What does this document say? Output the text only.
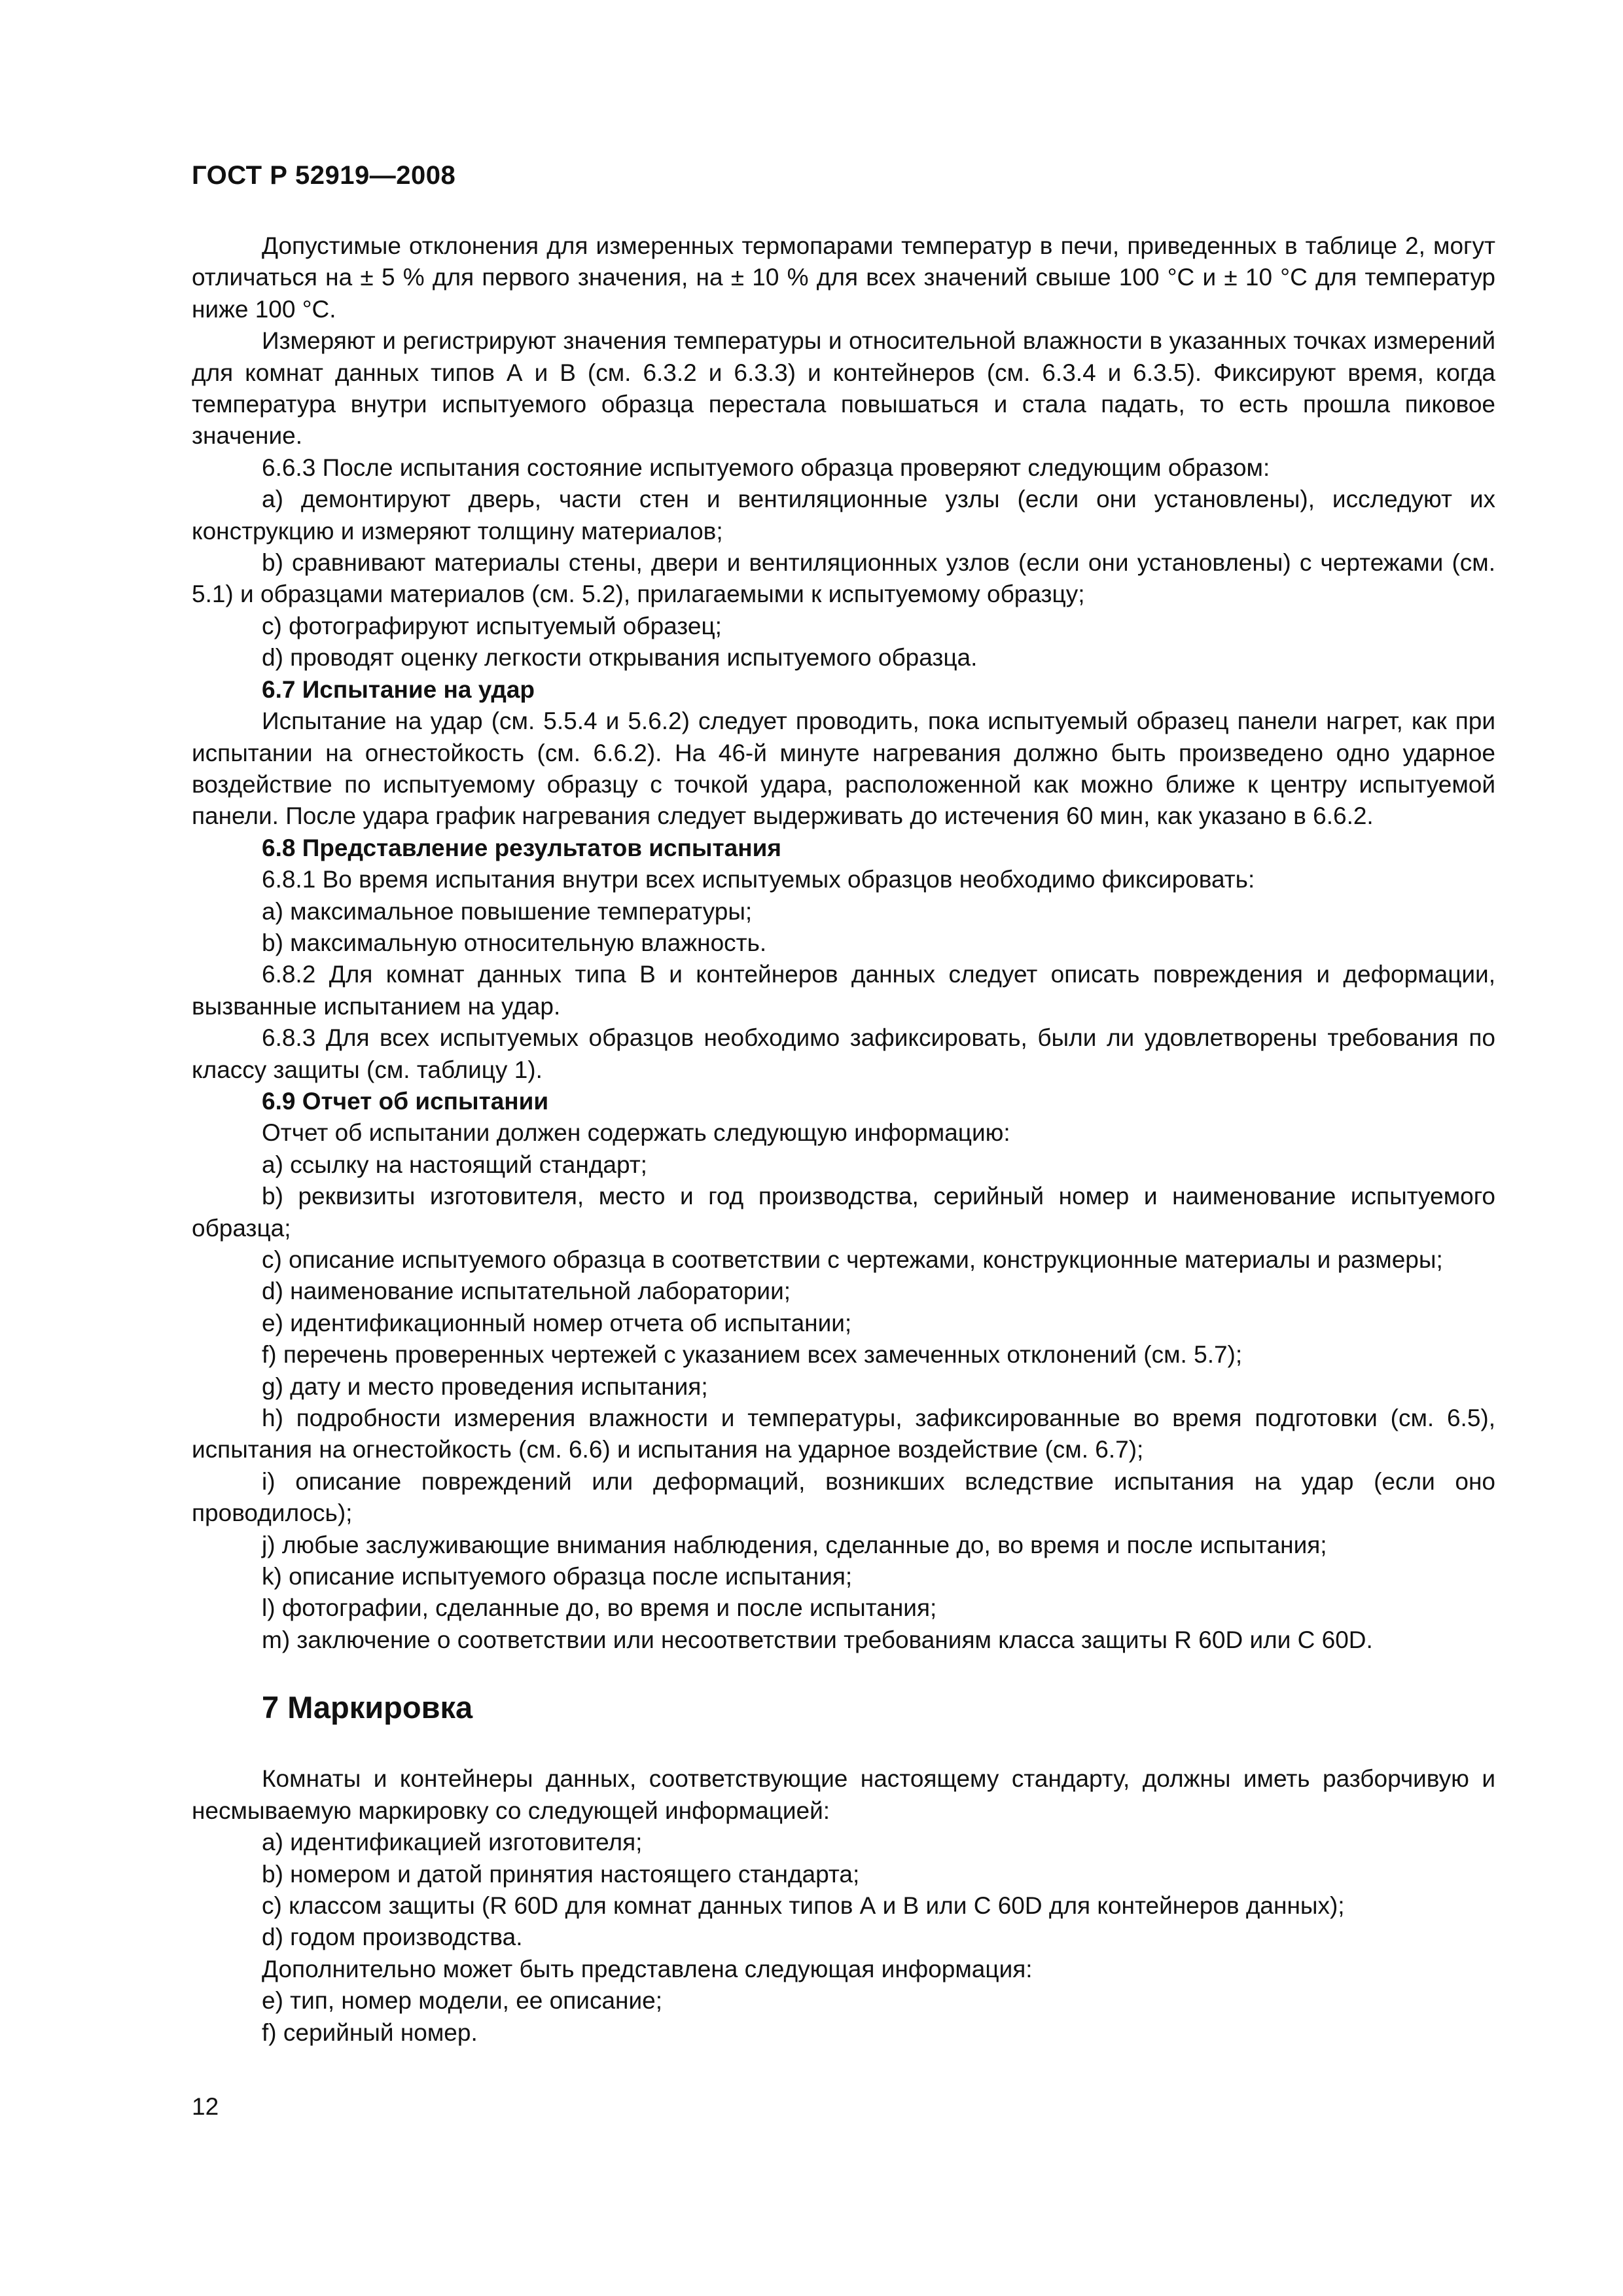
ГОСТ Р 52919—2008

Допустимые отклонения для измеренных термопарами температур в печи, приведенных в таблице 2, могут отличаться на ± 5 % для первого значения, на ± 10 % для всех значений свыше 100 °С и ± 10 °С для температур ниже 100 °С.

Измеряют и регистрируют значения температуры и относительной влажности в указанных точках измерений для комнат данных типов А и В (см. 6.3.2 и 6.3.3) и контейнеров (см. 6.3.4 и 6.3.5). Фиксируют время, когда температура внутри испытуемого образца перестала повышаться и стала падать, то есть прошла пиковое значение.

6.6.3 После испытания состояние испытуемого образца проверяют следующим образом:

а) демонтируют дверь, части стен и вентиляционные узлы (если они установлены), исследуют их конструкцию и измеряют толщину материалов;

b) сравнивают материалы стены, двери и вентиляционных узлов (если они установлены) с чертежами (см. 5.1) и образцами материалов (см. 5.2), прилагаемыми к испытуемому образцу;

с) фотографируют испытуемый образец;

d) проводят оценку легкости открывания испытуемого образца.

6.7 Испытание на удар

Испытание на удар (см. 5.5.4 и 5.6.2) следует проводить, пока испытуемый образец панели нагрет, как при испытании на огнестойкость (см. 6.6.2). На 46-й минуте нагревания должно быть произведено одно ударное воздействие по испытуемому образцу с точкой удара, расположенной как можно ближе к центру испытуемой панели. После удара график нагревания следует выдерживать до истечения 60 мин, как указано в 6.6.2.

6.8 Представление результатов испытания

6.8.1 Во время испытания внутри всех испытуемых образцов необходимо фиксировать:

а) максимальное повышение температуры;

b) максимальную относительную влажность.

6.8.2 Для комнат данных типа В и контейнеров данных следует описать повреждения и деформации, вызванные испытанием на удар.

6.8.3 Для всех испытуемых образцов необходимо зафиксировать, были ли удовлетворены требования по классу защиты (см. таблицу 1).

6.9 Отчет об испытании

Отчет об испытании должен содержать следующую информацию:

а) ссылку на настоящий стандарт;

b) реквизиты изготовителя, место и год производства, серийный номер и наименование испытуемого образца;

с) описание испытуемого образца в соответствии с чертежами, конструкционные материалы и размеры;

d) наименование испытательной лаборатории;

е) идентификационный номер отчета об испытании;

f) перечень проверенных чертежей с указанием всех замеченных отклонений (см. 5.7);

g) дату и место проведения испытания;

h) подробности измерения влажности и температуры, зафиксированные во время подготовки (см. 6.5), испытания на огнестойкость (см. 6.6) и испытания на ударное воздействие (см. 6.7);

i) описание повреждений или деформаций, возникших вследствие испытания на удар (если оно проводилось);

j) любые заслуживающие внимания наблюдения, сделанные до, во время и после испытания;

k) описание испытуемого образца после испытания;

l) фотографии, сделанные до, во время и после испытания;

m) заключение о соответствии или несоответствии требованиям класса защиты R 60D или C 60D.

7 Маркировка

Комнаты и контейнеры данных, соответствующие настоящему стандарту, должны иметь разборчивую и несмываемую маркировку со следующей информацией:

а) идентификацией изготовителя;

b) номером и датой принятия настоящего стандарта;

с) классом защиты (R 60D для комнат данных типов А и В или С 60D для контейнеров данных);

d) годом производства.

Дополнительно может быть представлена следующая информация:

е) тип, номер модели, ее описание;

f) серийный номер.

12
